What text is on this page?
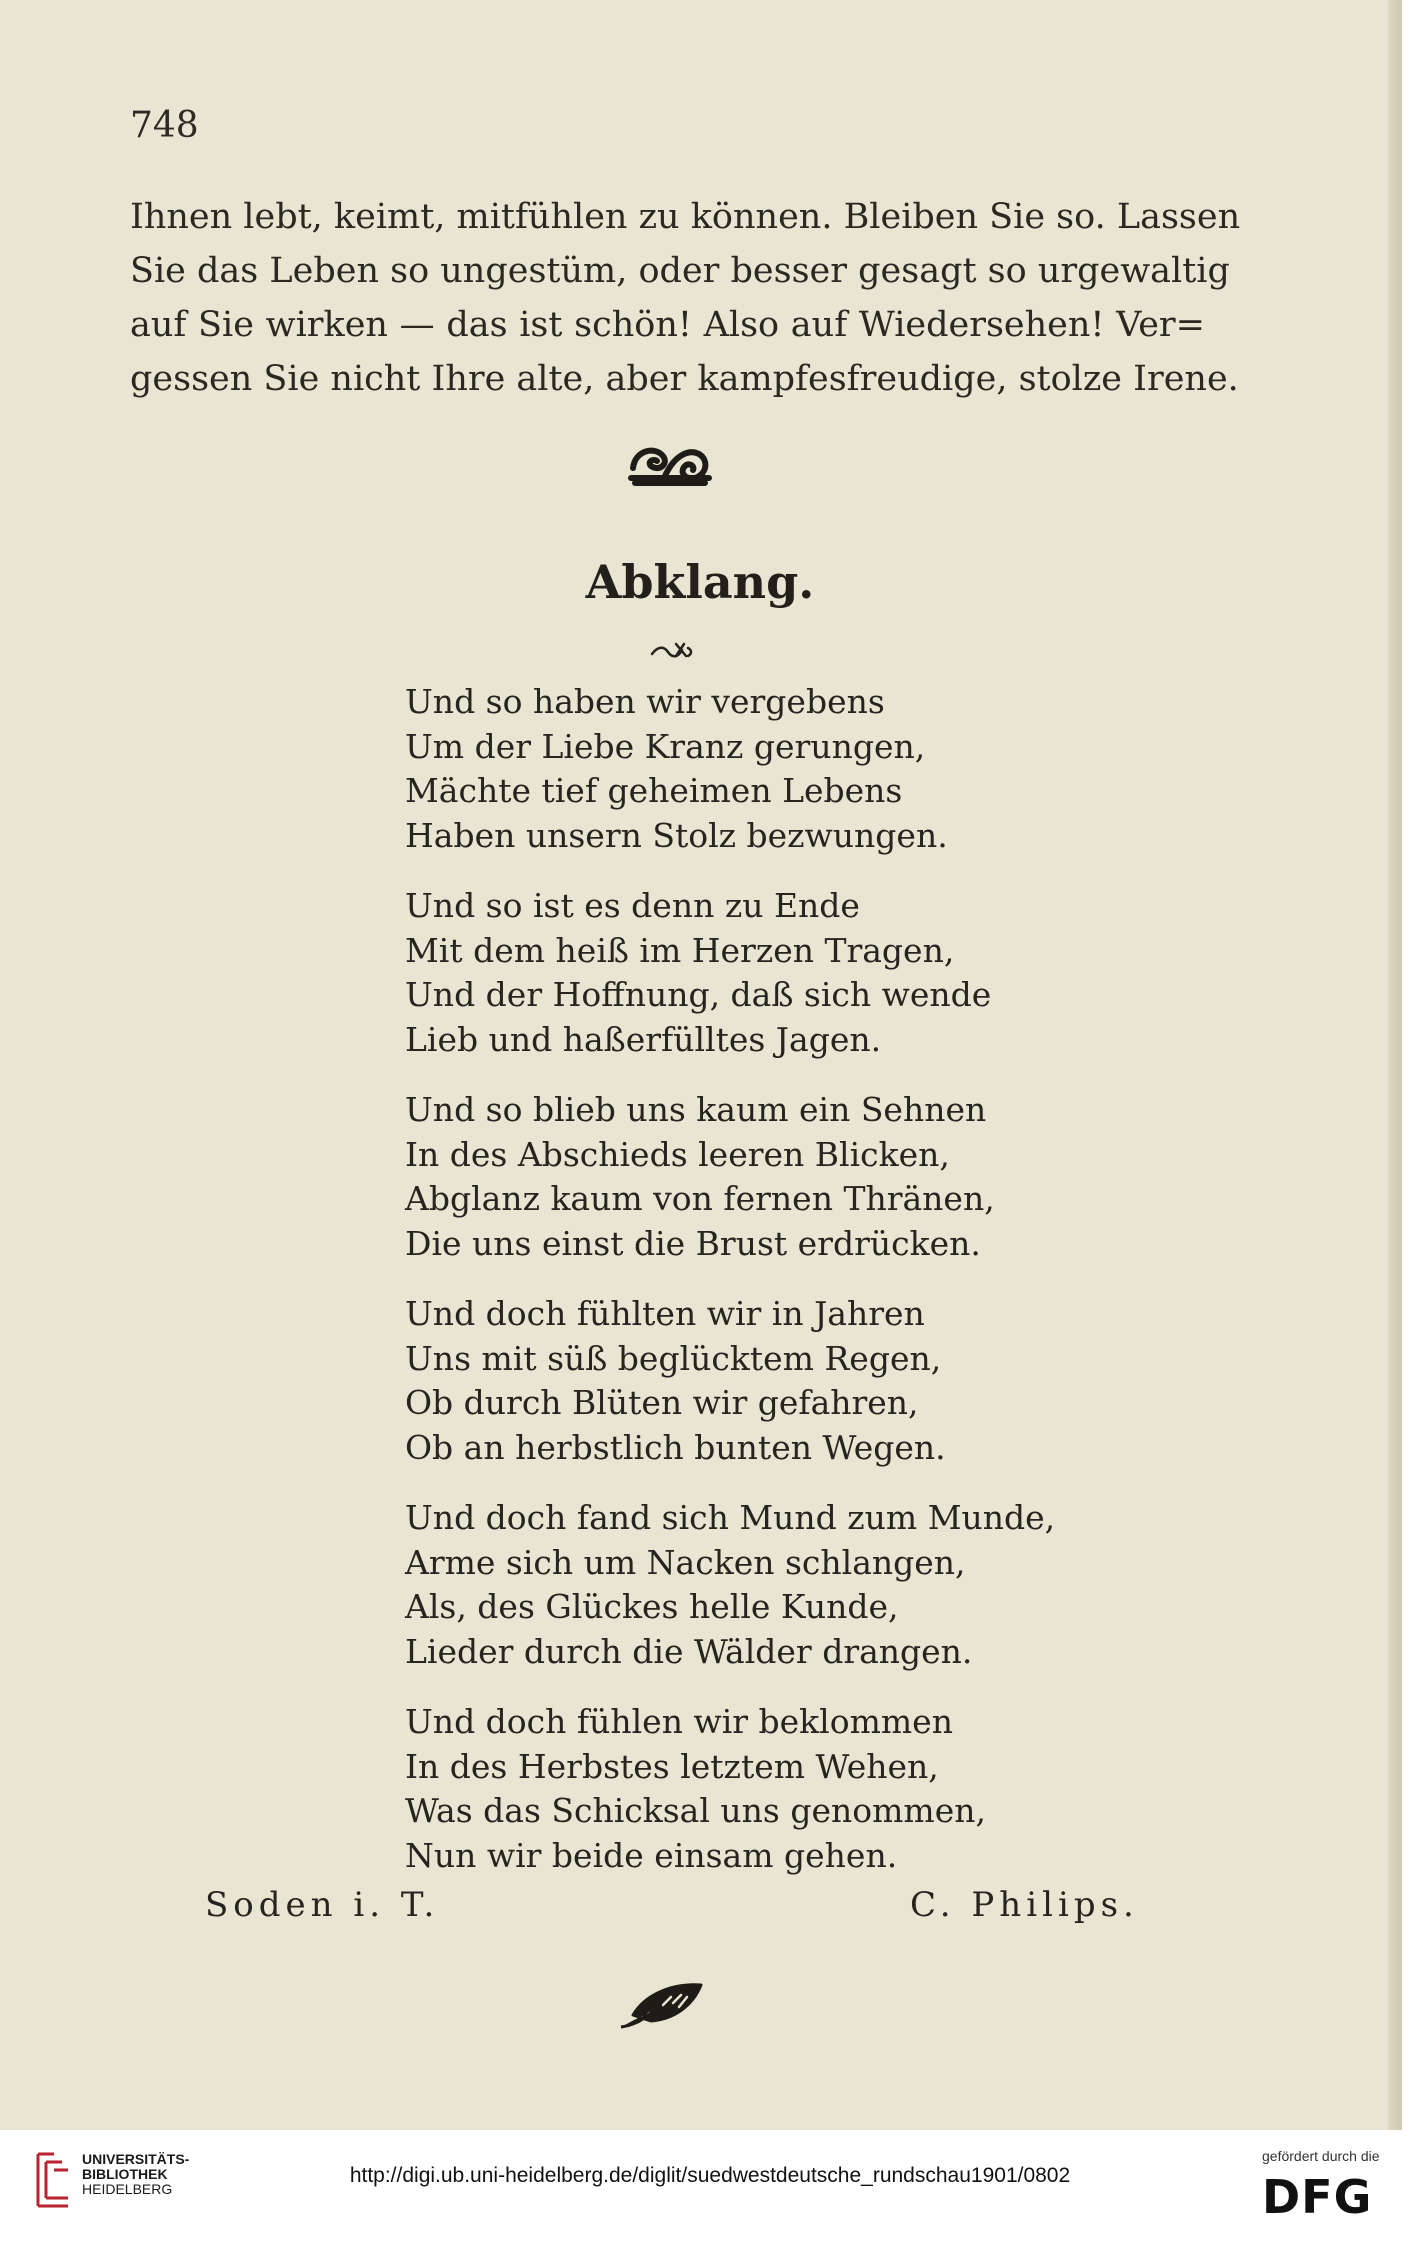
748
Ihnen lebt, keimt, mitfühlen zu können. Bleiben Sie so. Lassen
Sie das Leben so ungestüm, oder besser gesagt so urgewaltig
auf Sie wirken — das ist schön! Also auf Wiedersehen! Ver=
gessen Sie nicht Ihre alte, aber kampfesfreudige, stolze Irene.
Abklang.
Und so haben wir vergebens
Um der Liebe Kranz gerungen,
Mächte tief geheimen Lebens
Haben unsern Stolz bezwungen.
Und so ist es denn zu Ende
Mit dem heiß im Herzen Tragen,
Und der Hoffnung, daß sich wende
Lieb und haßerfülltes Jagen.
Und so blieb uns kaum ein Sehnen
In des Abschieds leeren Blicken,
Abglanz kaum von fernen Thränen,
Die uns einst die Brust erdrücken.
Und doch fühlten wir in Jahren
Uns mit süß beglücktem Regen,
Ob durch Blüten wir gefahren,
Ob an herbstlich bunten Wegen.
Und doch fand sich Mund zum Munde,
Arme sich um Nacken schlangen,
Als, des Glückes helle Kunde,
Lieder durch die Wälder drangen.
Und doch fühlen wir beklommen
In des Herbstes letztem Wehen,
Was das Schicksal uns genommen,
Nun wir beide einsam gehen.
Soden i. T.	C. Philips.
UNIVERSITÄTS-
BIBLIOTHEK
HEIDELBERG
http://digi.ub.uni-heidelberg.de/diglit/suedwestdeutsche_rundschau1901/0802
gefördert durch die
DFG
